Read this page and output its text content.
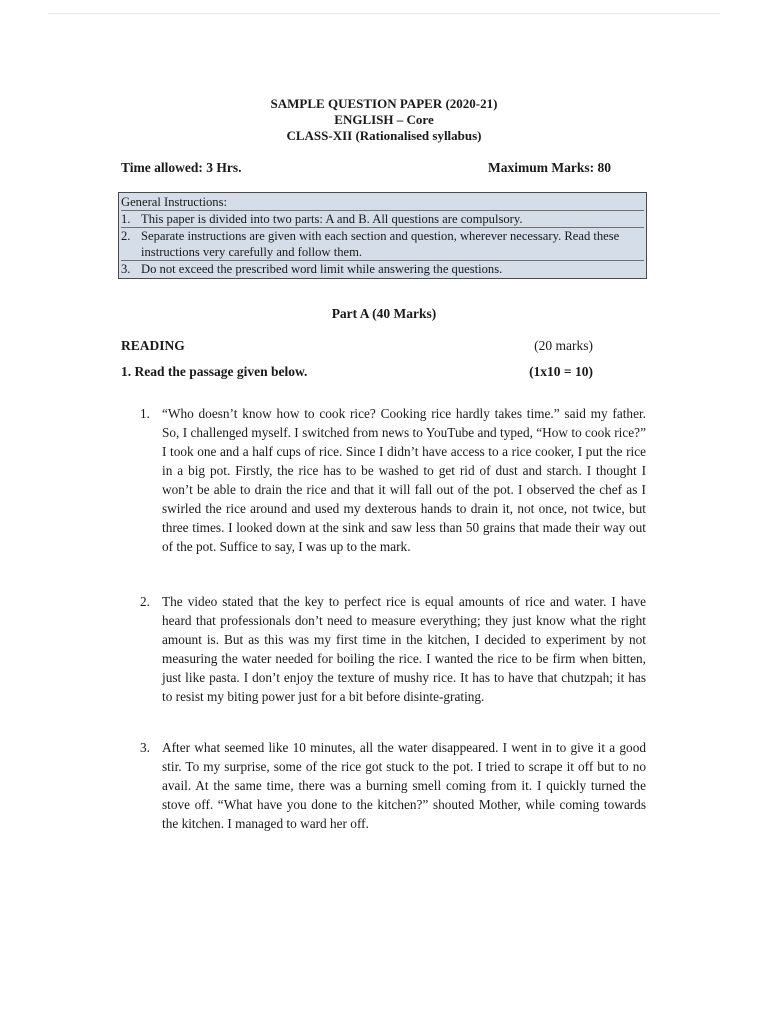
SAMPLE QUESTION PAPER (2020-21)
ENGLISH – Core
CLASS-XII (Rationalised syllabus)
Time allowed: 3 Hrs.	Maximum Marks: 80
General Instructions:
1. This paper is divided into two parts: A and B. All questions are compulsory.
2. Separate instructions are given with each section and question, wherever necessary. Read these instructions very carefully and follow them.
3. Do not exceed the prescribed word limit while answering the questions.
Part A (40 Marks)
READING	(20 marks)
1. Read the passage given below.	(1x10 = 10)
1. “Who doesn’t know how to cook rice? Cooking rice hardly takes time.” said my father. So, I challenged myself. I switched from news to YouTube and typed, “How to cook rice?” I took one and a half cups of rice. Since I didn’t have access to a rice cooker, I put the rice in a big pot. Firstly, the rice has to be washed to get rid of dust and starch. I thought I won’t be able to drain the rice and that it will fall out of the pot. I observed the chef as I swirled the rice around and used my dexterous hands to drain it, not once, not twice, but three times. I looked down at the sink and saw less than 50 grains that made their way out of the pot. Suffice to say, I was up to the mark.
2. The video stated that the key to perfect rice is equal amounts of rice and water. I have heard that professionals don’t need to measure everything; they just know what the right amount is. But as this was my first time in the kitchen, I decided to experiment by not measuring the water needed for boiling the rice. I wanted the rice to be firm when bitten, just like pasta. I don’t enjoy the texture of mushy rice. It has to have that chutzpah; it has to resist my biting power just for a bit before disinte-grating.
3. After what seemed like 10 minutes, all the water disappeared. I went in to give it a good stir. To my surprise, some of the rice got stuck to the pot. I tried to scrape it off but to no avail. At the same time, there was a burning smell coming from it. I quickly turned the stove off. “What have you done to the kitchen?” shouted Mother, while coming towards the kitchen. I managed to ward her off.
